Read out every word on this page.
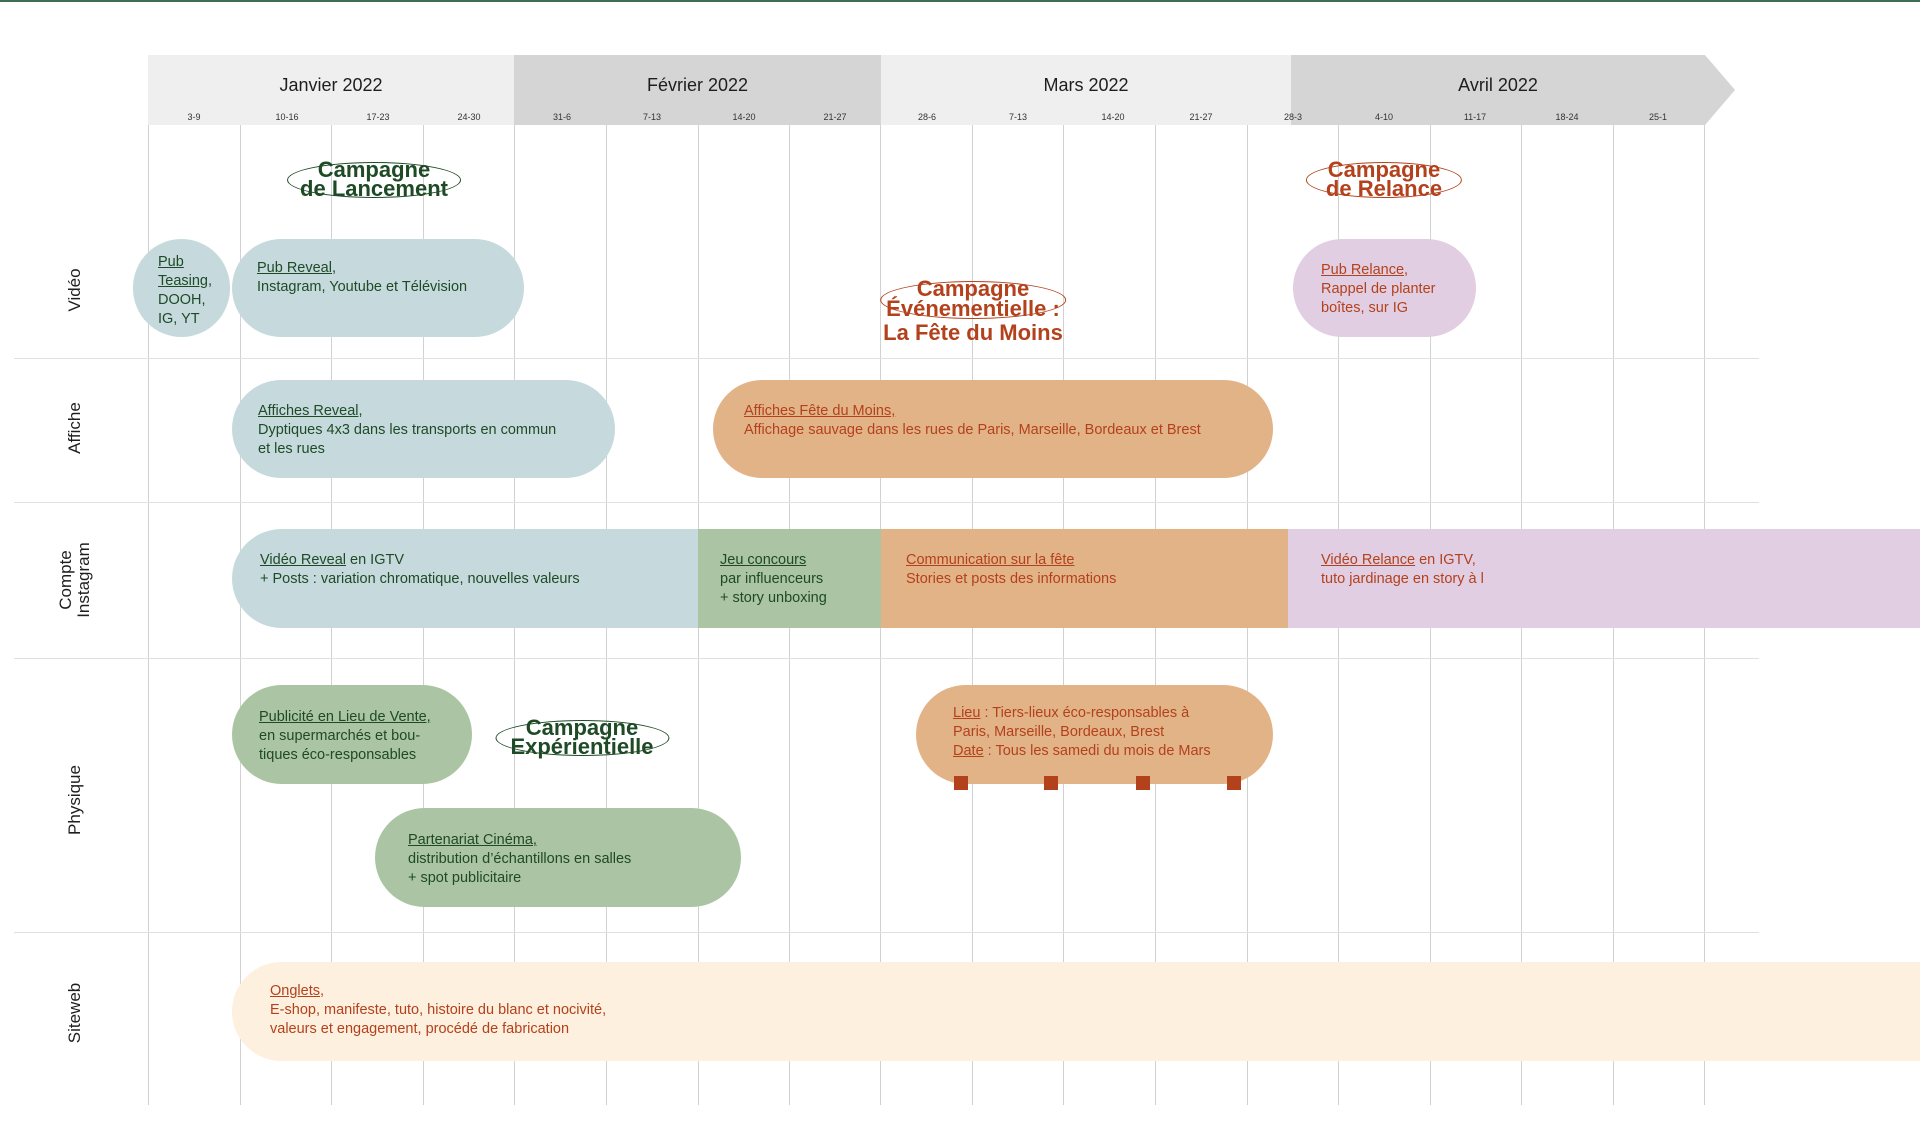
Janvier 2022	Février 2022	Mars 2022	Avril 2022
3-9	10-16	17-23	24-30	31-6	7-13	14-20	21-27	28-6	7-13	14-20	21-27	28-3	4-10	11-17	18-24	25-1
Vidéo
Affiche
Compte Instagram
Physique
Siteweb
Campagne
de Lancement
Campagne
de Relance
Campagne
Événementielle :
La Fête du Moins
Campagne
Expérientielle
Pub
Teasing,
DOOH,
IG, YT
Pub Reveal,
Instagram, Youtube et Télévision
Pub Relance,
Rappel de planter
boîtes, sur IG
Affiches Reveal,
Dyptiques 4x3 dans les transports en commun
et les rues
Affiches Fête du Moins,
Affichage sauvage dans les rues de Paris, Marseille, Bordeaux et Brest
Vidéo Reveal en IGTV
+ Posts : variation chromatique, nouvelles valeurs
Jeu concours
par influenceurs
+ story unboxing
Communication sur la fête
Stories et posts des informations
Vidéo Relance en IGTV,
tuto jardinage en story à l
Publicité en Lieu de Vente,
en supermarchés et bou-
tiques éco-responsables
Lieu : Tiers-lieux éco-responsables à
Paris, Marseille, Bordeaux, Brest
Date : Tous les samedi du mois de Mars
Partenariat Cinéma,
distribution d’échantillons en salles
+ spot publicitaire
Onglets,
E-shop, manifeste, tuto, histoire du blanc et nocivité,
valeurs et engagement, procédé de fabrication
